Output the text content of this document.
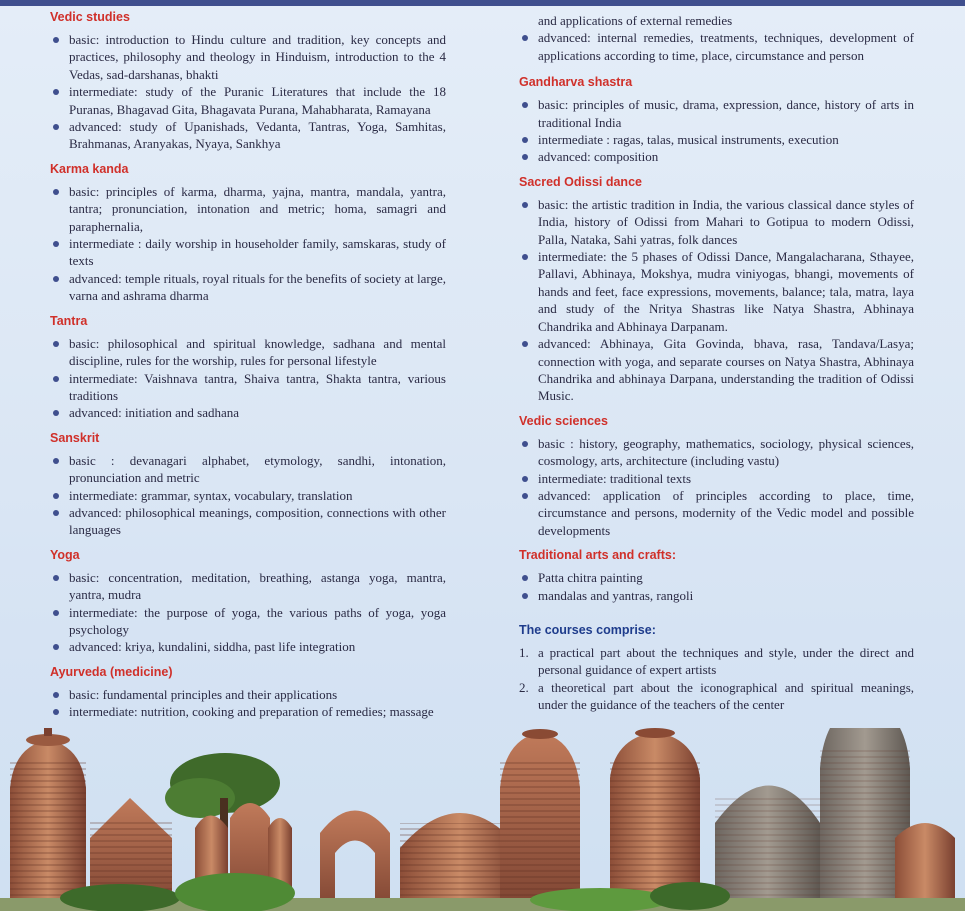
Vedic studies
basic: introduction to Hindu culture and tradition, key concepts and practices, philosophy and theology in Hinduism, introduction to the 4 Vedas, sad-darshanas, bhakti
intermediate: study of the Puranic Literatures that include the 18 Puranas, Bhagavad Gita, Bhagavata Purana, Mahabharata, Ramayana
advanced: study of Upanishads, Vedanta, Tantras, Yoga, Samhitas, Brahmanas, Aranyakas, Nyaya, Sankhya
Karma kanda
basic: principles of karma, dharma, yajna, mantra, mandala, yantra, tantra; pronunciation, intonation and metric; homa, samagri and paraphernalia,
intermediate : daily worship in householder family, samskaras, study of texts
advanced: temple rituals, royal rituals for the benefits of society at large, varna and ashrama dharma
Tantra
basic: philosophical and spiritual knowledge, sadhana and mental discipline, rules for the worship, rules for personal lifestyle
intermediate: Vaishnava tantra, Shaiva tantra, Shakta tantra, various traditions
advanced: initiation and sadhana
Sanskrit
basic : devanagari alphabet, etymology, sandhi, intonation, pronunciation and metric
intermediate: grammar, syntax, vocabulary, translation
advanced: philosophical meanings, composition, connections with other languages
Yoga
basic: concentration, meditation, breathing, astanga yoga, mantra, yantra, mudra
intermediate: the purpose of yoga, the various paths of yoga, yoga psychology
advanced: kriya, kundalini, siddha, past life integration
Ayurveda (medicine)
basic: fundamental principles and their applications
intermediate: nutrition, cooking and preparation of remedies; massage
and applications of external remedies
advanced: internal remedies, treatments, techniques, development of applications according to time, place, circumstance and person
Gandharva shastra
basic: principles of music, drama, expression, dance, history of arts in traditional India
intermediate : ragas, talas, musical instruments, execution
advanced: composition
Sacred Odissi dance
basic: the artistic tradition in India, the various classical dance styles of India, history of Odissi from Mahari to Gotipua to modern Odissi, Palla, Nataka, Sahi yatras, folk dances
intermediate: the 5 phases of Odissi Dance, Mangalacharana, Sthayee, Pallavi, Abhinaya, Mokshya, mudra viniyogas, bhangi, movements of hands and feet, face expressions, movements, balance; tala, matra, laya and study of the Nritya Shastras like Natya Shastra, Abhinaya Chandrika and Abhinaya Darpanam.
advanced: Abhinaya, Gita Govinda, bhava, rasa, Tandava/Lasya; connection with yoga, and separate courses on Natya Shastra, Abhinaya Chandrika and abhinaya Darpana, understanding the tradition of Odissi Music.
Vedic sciences
basic : history, geography, mathematics, sociology, physical sciences, cosmology, arts, architecture (including vastu)
intermediate: traditional texts
advanced: application of principles according to place, time, circumstance and persons, modernity of the Vedic model and possible developments
Traditional arts and crafts:
Patta chitra painting
mandalas and yantras, rangoli
The courses comprise:
1. a practical part about the techniques and style, under the direct and personal guidance of expert artists
2. a theoretical part about the iconographical and spiritual meanings, under the guidance of the teachers of the center
